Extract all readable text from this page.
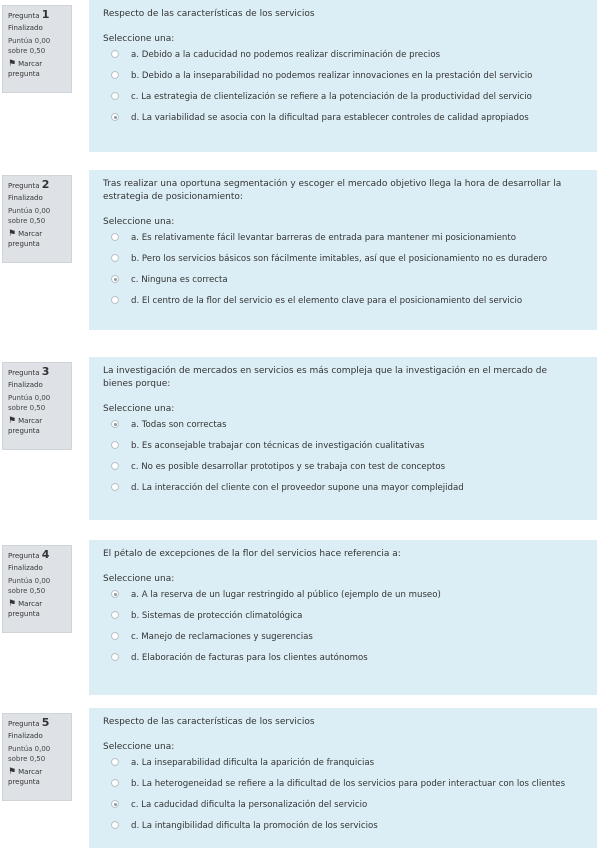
Pregunta 1
Finalizado
Puntúa 0,00 sobre 0,50
⚑ Marcar pregunta
Respecto de las características de los servicios
Seleccione una:
a. Debido a la caducidad no podemos realizar discriminación de precios
b. Debido a la inseparabilidad no podemos realizar innovaciones en la prestación del servicio
c. La estrategia de clientelización se refiere a la potenciación de la productividad del servicio
d. La variabilidad se asocia con la dificultad para establecer controles de calidad apropiados
Pregunta 2
Finalizado
Puntúa 0,00 sobre 0,50
⚑ Marcar pregunta
Tras realizar una oportuna segmentación y escoger el mercado objetivo llega la hora de desarrollar la estrategia de posicionamiento:
Seleccione una:
a. Es relativamente fácil levantar barreras de entrada para mantener mi posicionamiento
b. Pero los servicios básicos son fácilmente imitables, así que el posicionamiento no es duradero
c. Ninguna es correcta
d. El centro de la flor del servicio es el elemento clave para el posicionamiento del servicio
Pregunta 3
Finalizado
Puntúa 0,00 sobre 0,50
⚑ Marcar pregunta
La investigación de mercados en servicios es más compleja que la investigación en el mercado de bienes porque:
Seleccione una:
a. Todas son correctas
b. Es aconsejable trabajar con técnicas de investigación cualitativas
c. No es posible desarrollar prototipos y se trabaja con test de conceptos
d. La interacción del cliente con el proveedor supone una mayor complejidad
Pregunta 4
Finalizado
Puntúa 0,00 sobre 0,50
⚑ Marcar pregunta
El pétalo de excepciones de la flor del servicios hace referencia a:
Seleccione una:
a. A la reserva de un lugar restringido al público (ejemplo de un museo)
b. Sistemas de protección climatológica
c. Manejo de reclamaciones y sugerencias
d. Elaboración de facturas para los clientes autónomos
Pregunta 5
Finalizado
Puntúa 0,00 sobre 0,50
⚑ Marcar pregunta
Respecto de las características de los servicios
Seleccione una:
a. La inseparabilidad dificulta la aparición de franquicias
b. La heterogeneidad se refiere a la dificultad de los servicios para poder interactuar con los clientes
c. La caducidad dificulta la personalización del servicio
d. La intangibilidad dificulta la promoción de los servicios
